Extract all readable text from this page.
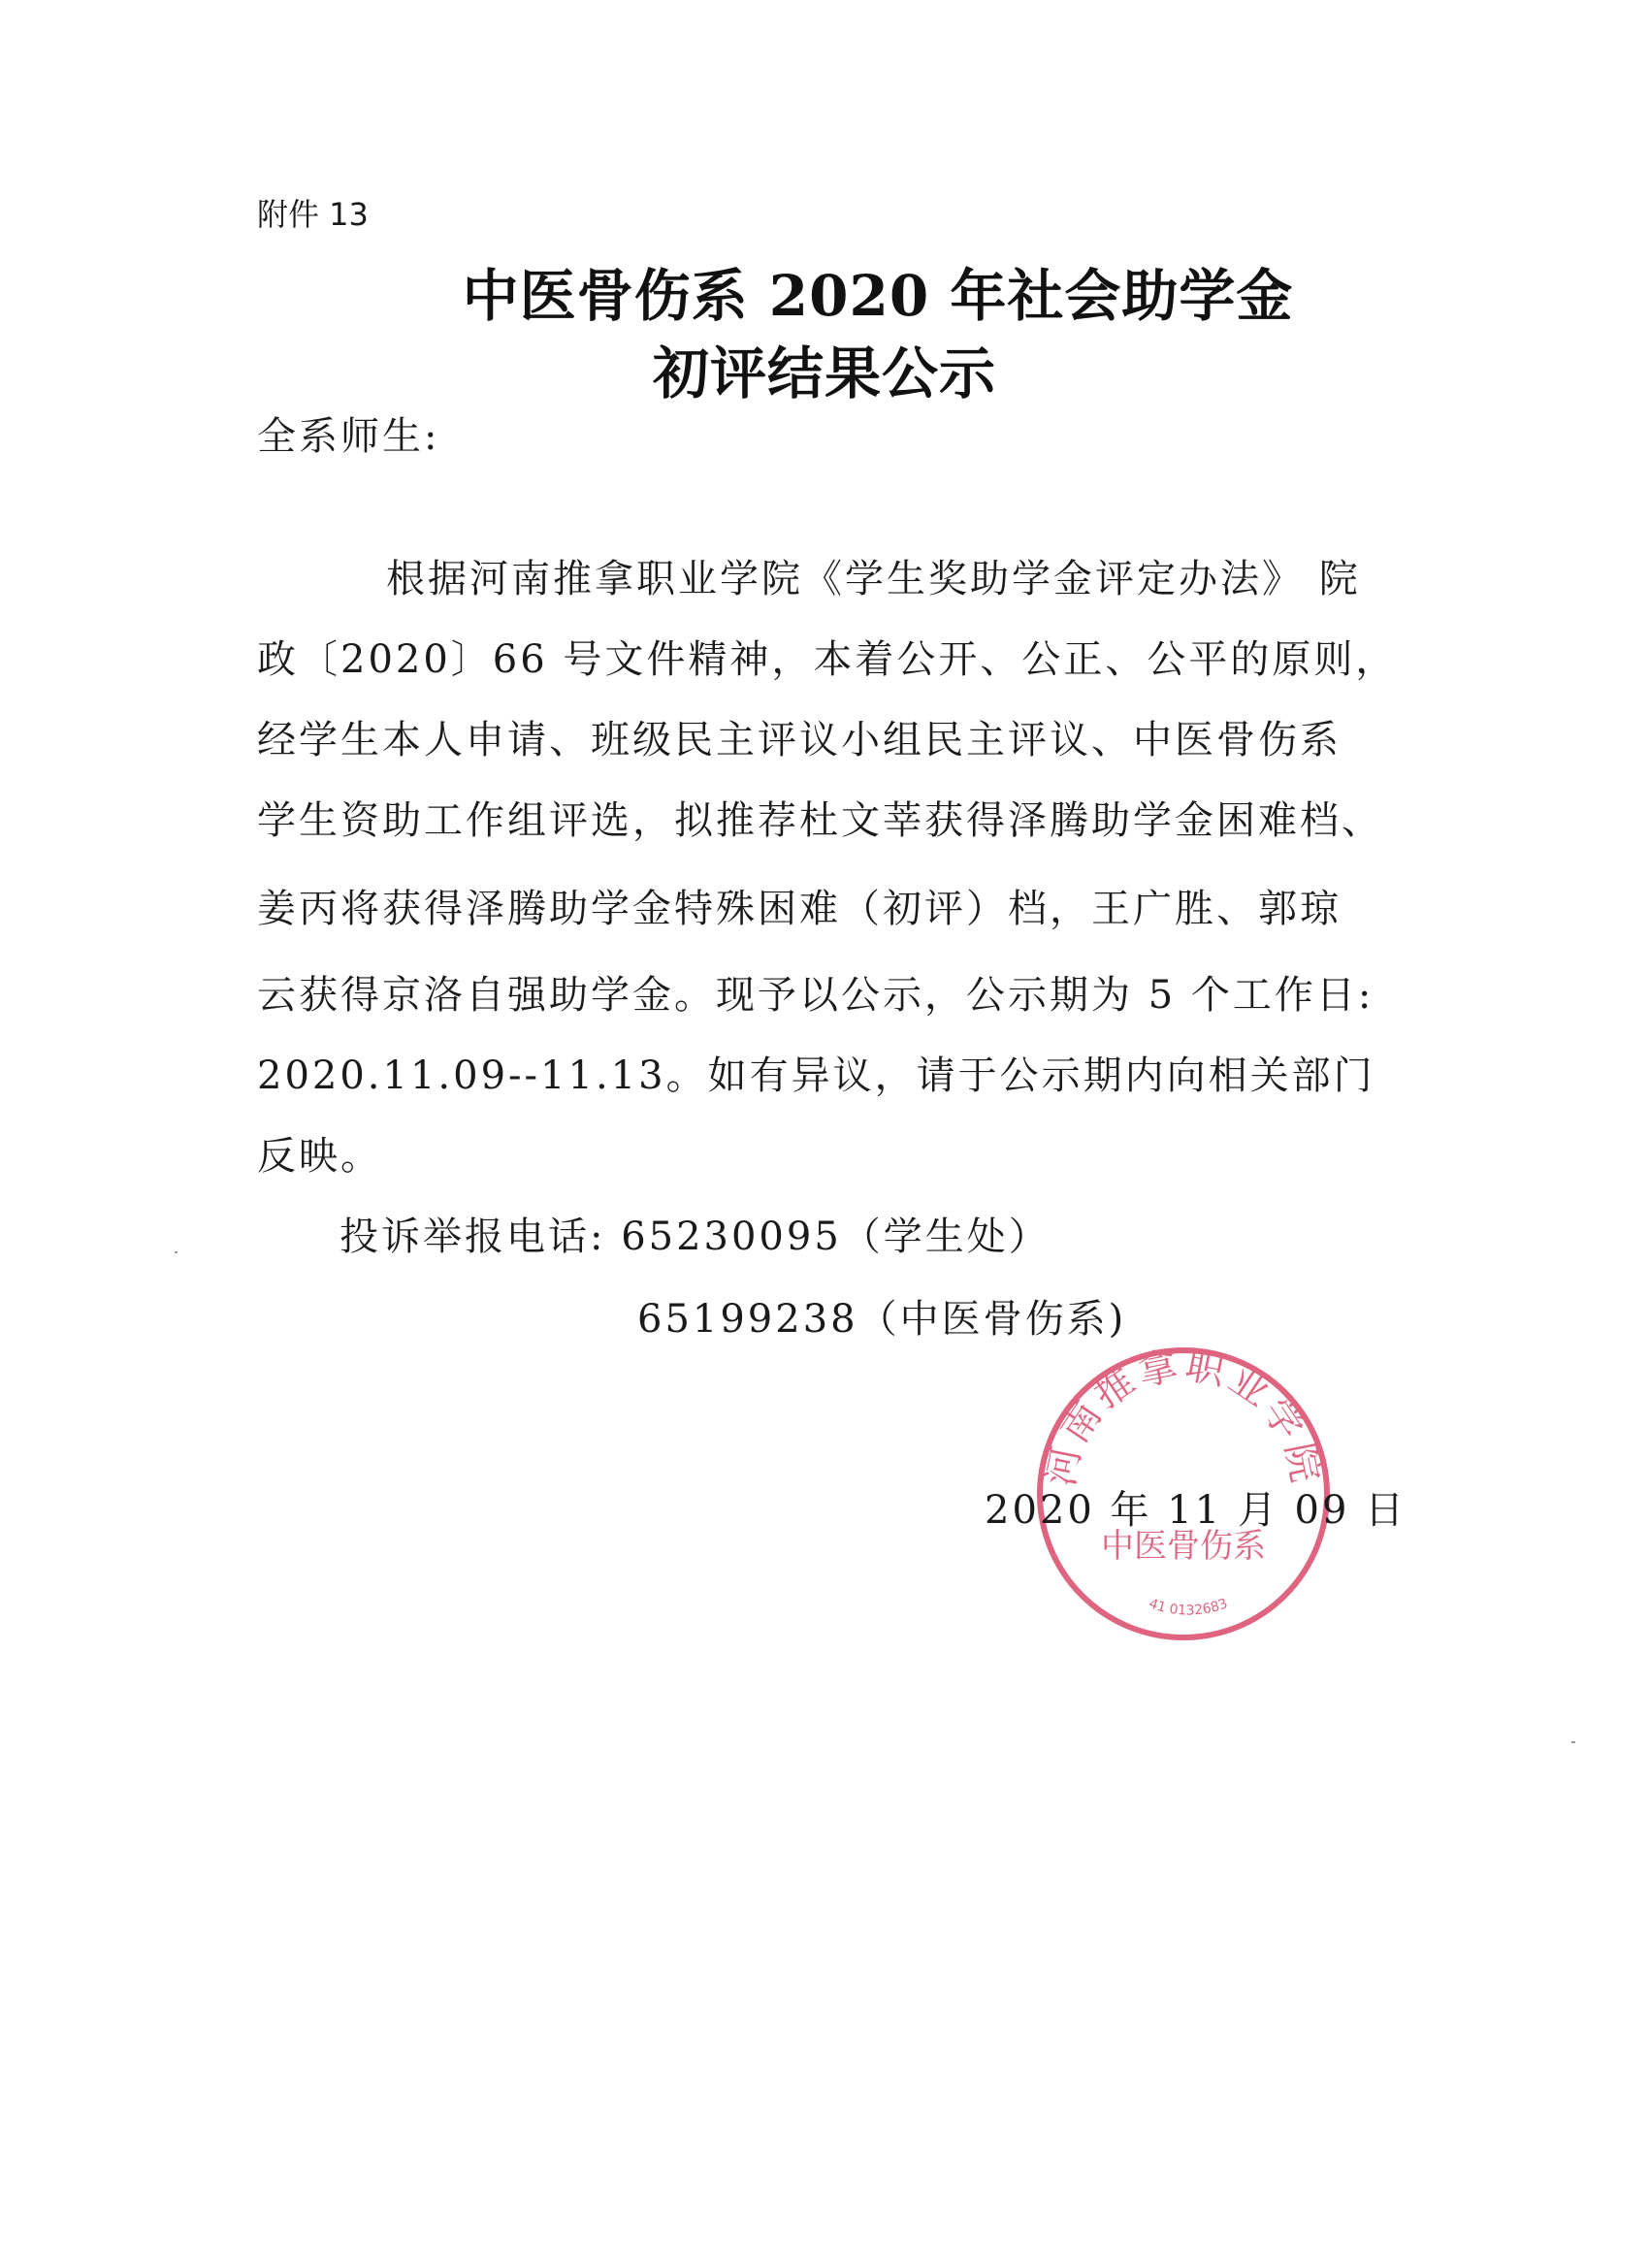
附件 13
中医骨伤系 2020 年社会助学金
初评结果公示
全系师生:
根据河南推拿职业学院《学生奖助学金评定办法》 院
政〔2020〕66 号文件精神，本着公开、公正、公平的原则，
经学生本人申请、班级民主评议小组民主评议、中医骨伤系
学生资助工作组评选，拟推荐杜文莘获得泽腾助学金困难档、
姜丙将获得泽腾助学金特殊困难（初评）档，王广胜、郭琼
云获得京洛自强助学金。现予以公示，公示期为 5 个工作日:
2020.11.09--11.13。如有异议，请于公示期内向相关部门
反映。
投诉举报电话: 65230095（学生处）
65199238（中医骨伤系)
河南推拿职业学院
中医骨伤系
41 0132683
2020 年 11 月 09 日
